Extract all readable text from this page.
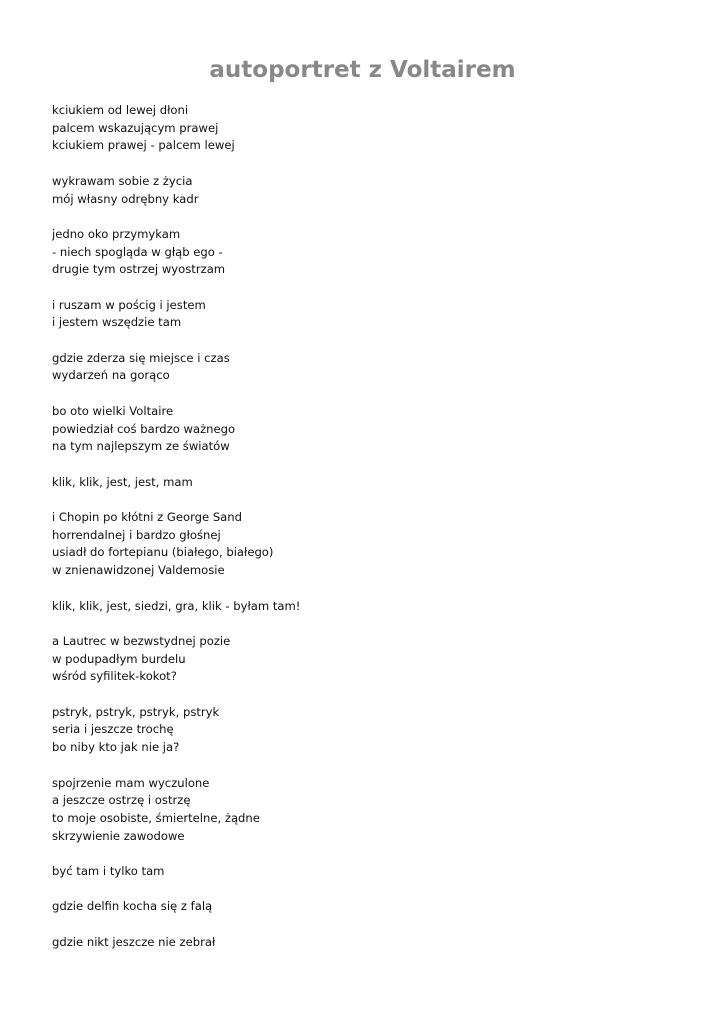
autoportret z Voltairem
kciukiem od lewej dłoni
palcem wskazującym prawej
kciukiem prawej - palcem lewej
wykrawam sobie z życia
mój własny odrębny kadr
jedno oko przymykam
- niech spogląda w głąb ego -
drugie tym ostrzej wyostrzam
i ruszam w pościg i jestem
i jestem wszędzie tam
gdzie zderza się miejsce i czas
wydarzeń na gorąco
bo oto wielki Voltaire
powiedział coś bardzo ważnego
na tym najlepszym ze światów
klik, klik, jest, jest, mam
i Chopin po kłótni z George Sand
horrendalnej i bardzo głośnej
usiadł do fortepianu (białego, białego)
w znienawidzonej Valdemosie
klik, klik, jest, siedzi, gra, klik - byłam tam!
a Lautrec w bezwstydnej pozie
w podupadłym burdelu
wśród syfilitek-kokot?
pstryk, pstryk, pstryk, pstryk
seria i jeszcze trochę
bo niby kto jak nie ja?
spojrzenie mam wyczulone
a jeszcze ostrzę i ostrzę
to moje osobiste, śmiertelne, żądne
skrzywienie zawodowe
być tam i tylko tam
gdzie delfin kocha się z falą
gdzie nikt jeszcze nie zebrał
